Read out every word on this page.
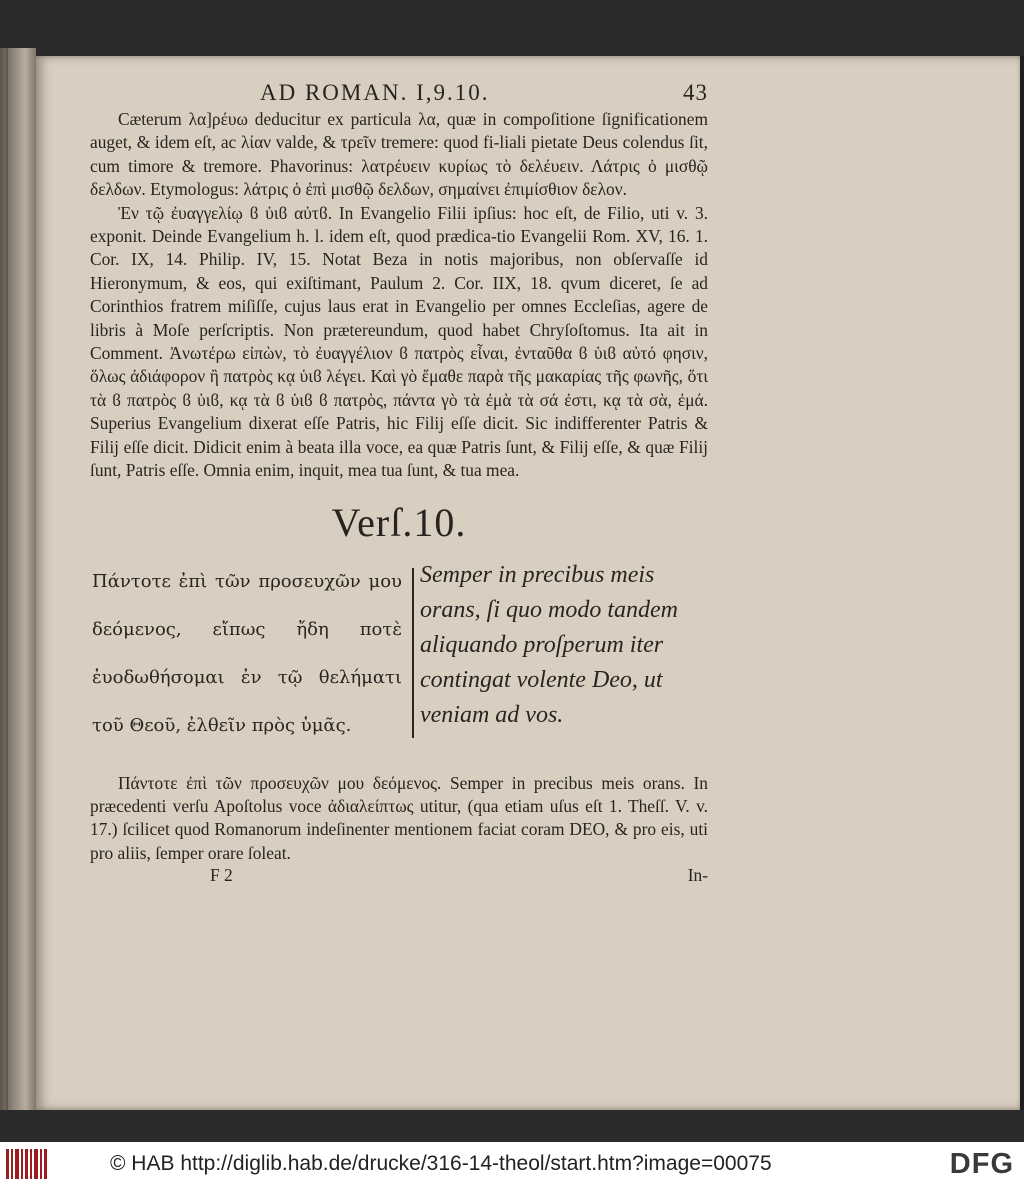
AD ROMAN. I,9.10.	43

Cæterum λα]ρέυω deducitur ex particula λα, quæ in compoſitione ſignificationem auget, & idem eſt, ac λίαν valde, & τρεῖν tremere: quod fi-liali pietate Deus colendus ſit, cum timore & tremore. Phavorinus: λατρέυειν κυρίως τὸ δελέυειν. Λάτρις ὁ μισθῷ δελδων. Etymologus: λάτρις ὁ ἐπὶ μισθῷ δελδων, σημαίνει ἐπιμίσθιον δελον.

Ἐν τῷ ἐυαγγελίῳ ϐ ὑιϐ αὐτϐ. In Evangelio Filii ipſius: hoc eſt, de Filio, uti v. 3. exponit. Deinde Evangelium h. l. idem eſt, quod prædica-tio Evangelii Rom. XV, 16. 1. Cor. IX, 14. Philip. IV, 15. Notat Beza in notis majoribus, non obſervaſſe id Hieronymum, & eos, qui exiſtimant, Paulum 2. Cor. IIX, 18. qvum diceret, ſe ad Corinthios fratrem miſiſſe, cujus laus erat in Evangelio per omnes Eccleſias, agere de libris à Moſe perſcriptis. Non prætereundum, quod habet Chryſoſtomus. Ita ait in Comment. Ἀνωτέρω εἰπὼν, τὸ ἐυαγγέλιον ϐ πατρὸς εἶναι, ἐνταῦθα ϐ ὑιϐ αὐτό φησιν, ὅλως ἀδιάφορον ἢ πατρὸς κᾳ ὑιϐ λέγει. Καὶ γὸ ἔμαθε παρὰ τῆς μακαρίας τῆς φωνῆς, ὅτι τὰ ϐ πατρὸς ϐ ὑιϐ, κᾳ τὰ ϐ ὑιϐ ϐ πατρὸς, πάντα γὸ τὰ ἐμὰ τὰ σά ἐστι, κᾳ τὰ σὰ, ἐμά. Superius Evangelium dixerat eſſe Patris, hic Filij eſſe dicit. Sic indifferenter Patris & Filij eſſe dicit. Didicit enim à beata illa voce, ea quæ Patris ſunt, & Filij eſſe, & quæ Filij ſunt, Patris eſſe. Omnia enim, inquit, mea tua ſunt, & tua mea.

Verſ.10.
Πάντοτε ἐπὶ τῶν προσευχῶν μου δεόμενος, εἴπως ἤδη ποτὲ ἐυοδωθήσομαι ἐν τῷ θελήματι τοῦ Θεοῦ, ἐλθεῖν πρὸς ὑμᾶς.
Semper in precibus meis orans, ſi quo modo tandem aliquando proſperum iter contingat volente Deo, ut veniam ad vos.

Πάντοτε ἐπὶ τῶν προσευχῶν μου δεόμενος. Semper in precibus meis orans. In præcedenti verſu Apoſtolus voce ἀδιαλείπτως utitur, (qua etiam uſus eſt 1. Theſſ. V. v. 17.) ſcilicet quod Romanorum indeſinenter mentionem faciat coram DEO, & pro eis, uti pro aliis, ſemper orare ſoleat.

F 2	In-
© HAB http://diglib.hab.de/drucke/316-14-theol/start.htm?image=00075	DFG
